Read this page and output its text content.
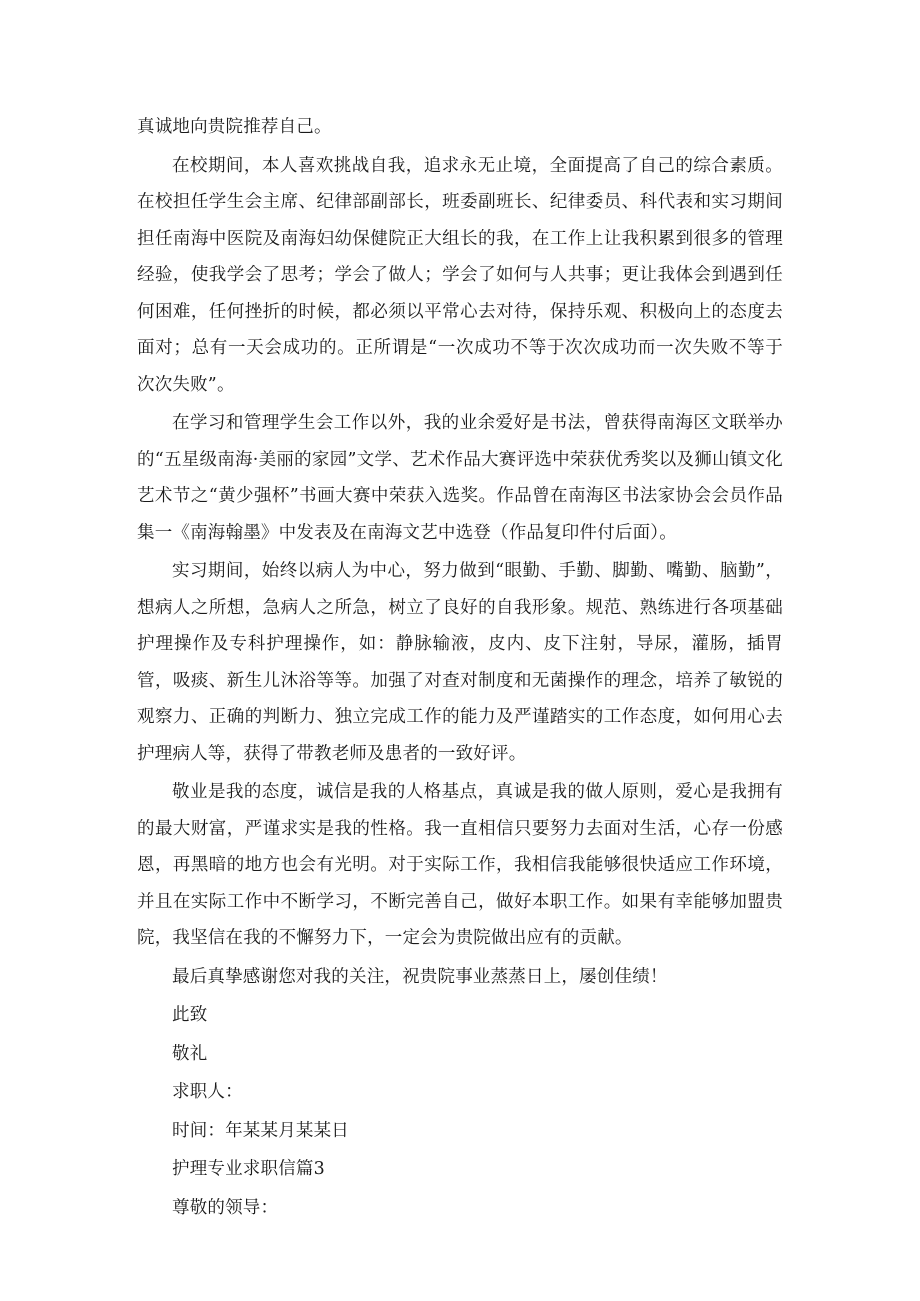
真诚地向贵院推荐自己。

在校期间，本人喜欢挑战自我，追求永无止境，全面提高了自己的综合素质。在校担任学生会主席、纪律部副部长，班委副班长、纪律委员、科代表和实习期间担任南海中医院及南海妇幼保健院正大组长的我，在工作上让我积累到很多的管理经验，使我学会了思考；学会了做人；学会了如何与人共事；更让我体会到遇到任何困难，任何挫折的时候，都必须以平常心去对待，保持乐观、积极向上的态度去面对；总有一天会成功的。正所谓是“一次成功不等于次次成功而一次失败不等于次次失败”。

在学习和管理学生会工作以外，我的业余爱好是书法，曾获得南海区文联举办的“五星级南海·美丽的家园”文学、艺术作品大赛评选中荣获优秀奖以及狮山镇文化艺术节之“黄少强杯”书画大赛中荣获入选奖。作品曾在南海区书法家协会会员作品集一《南海翰墨》中发表及在南海文艺中选登（作品复印件付后面）。

实习期间，始终以病人为中心，努力做到“眼勤、手勤、脚勤、嘴勤、脑勤”，想病人之所想，急病人之所急，树立了良好的自我形象。规范、熟练进行各项基础护理操作及专科护理操作，如：静脉输液，皮内、皮下注射，导尿，灌肠，插胃管，吸痰、新生儿沐浴等等。加强了对查对制度和无菌操作的理念，培养了敏锐的观察力、正确的判断力、独立完成工作的能力及严谨踏实的工作态度，如何用心去护理病人等，获得了带教老师及患者的一致好评。

敬业是我的态度，诚信是我的人格基点，真诚是我的做人原则，爱心是我拥有的最大财富，严谨求实是我的性格。我一直相信只要努力去面对生活，心存一份感恩，再黑暗的地方也会有光明。对于实际工作，我相信我能够很快适应工作环境，并且在实际工作中不断学习，不断完善自己，做好本职工作。如果有幸能够加盟贵院，我坚信在我的不懈努力下，一定会为贵院做出应有的贡献。

最后真挚感谢您对我的关注，祝贵院事业蒸蒸日上，屡创佳绩！

此致

敬礼

求职人：

时间：年某某月某某日

护理专业求职信篇3

尊敬的领导：
